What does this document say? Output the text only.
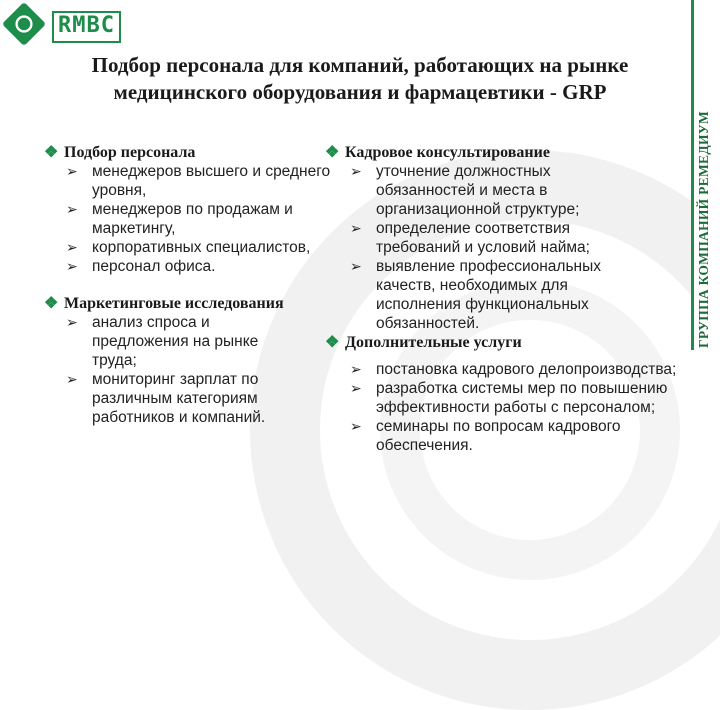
RMBC
ГРУППА КОМПАНИЙ РЕМЕДИУМ
Подбор персонала для компаний, работающих на рынке
медицинского оборудования и фармацевтики - GRP
❖ Подбор персонала
➢ менеджеров высшего и среднего уровня,
➢ менеджеров по продажам и маркетингу,
➢ корпоративных специалистов,
➢ персонал офиса.
❖ Маркетинговые исследования
➢ анализ спроса и предложения на рынке труда;
➢ мониторинг зарплат по различным категориям работников и компаний.
❖ Кадровое консультирование
➢ уточнение должностных обязанностей и места в организационной структуре;
➢ определение соответствия требований и условий найма;
➢ выявление профессиональных качеств, необходимых для исполнения функциональных обязанностей.
❖ Дополнительные услуги
➢ постановка кадрового делопроизводства;
➢ разработка системы мер по повышению эффективности работы с персоналом;
➢ семинары по вопросам кадрового обеспечения.
